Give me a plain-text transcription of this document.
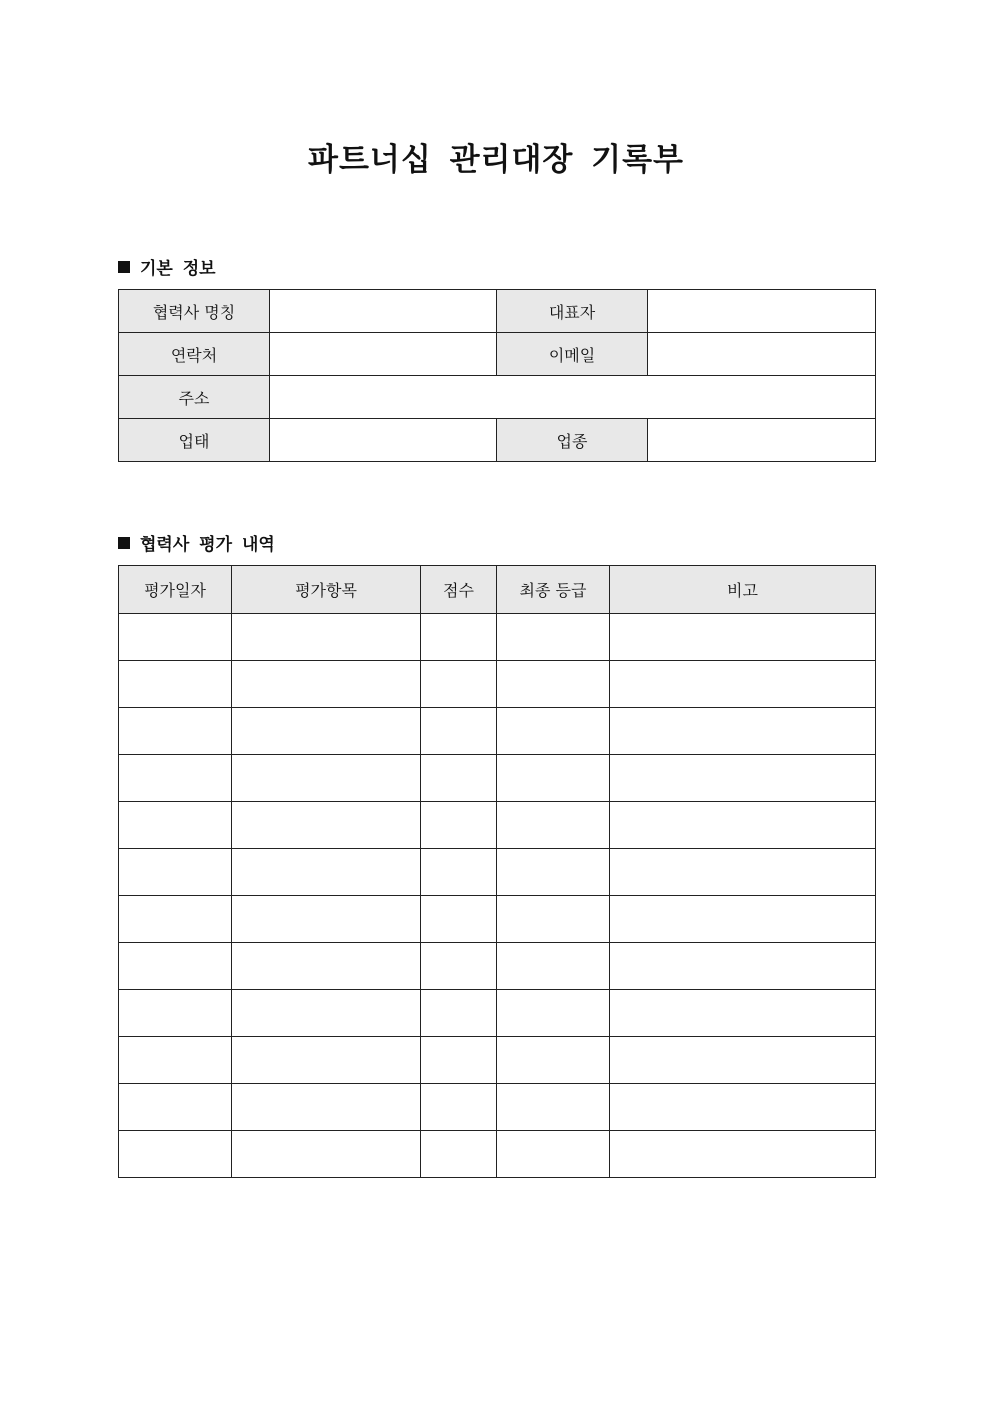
파트너십 관리대장 기록부
기본 정보
협력사 명칭		대표자	
연락처		이메일	
주소			
업태		업종	
협력사 평가 내역
평가일자	평가항목	점수	최종 등급	비고
